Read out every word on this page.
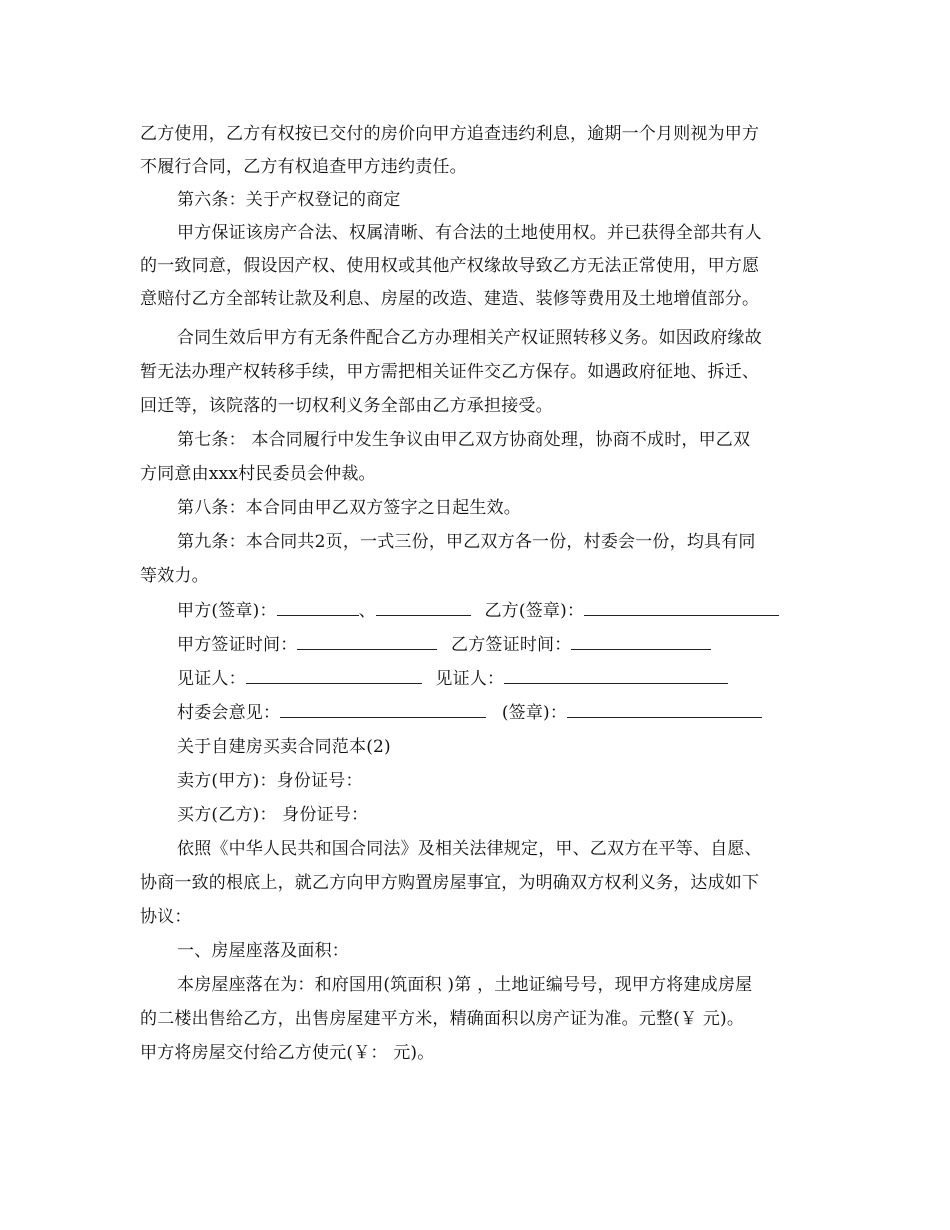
乙方使用，乙方有权按已交付的房价向甲方追查违约利息，逾期一个月则视为甲方
不履行合同，乙方有权追查甲方违约责任。
第六条：关于产权登记的商定
甲方保证该房产合法、权属清晰、有合法的土地使用权。并已获得全部共有人
的一致同意，假设因产权、使用权或其他产权缘故导致乙方无法正常使用，甲方愿
意赔付乙方全部转让款及利息、房屋的改造、建造、装修等费用及土地增值部分。
合同生效后甲方有无条件配合乙方办理相关产权证照转移义务。如因政府缘故
暂无法办理产权转移手续，甲方需把相关证件交乙方保存。如遇政府征地、拆迁、
回迁等，该院落的一切权利义务全部由乙方承担接受。
第七条： 本合同履行中发生争议由甲乙双方协商处理，协商不成时，甲乙双
方同意由xxx村民委员会仲裁。
第八条：本合同由甲乙双方签字之日起生效。
第九条：本合同共2页，一式三份，甲乙双方各一份，村委会一份，均具有同
等效力。
甲方(签章)：	、	乙方(签章)：
甲方签证时间：	乙方签证时间：
见证人：	见证人：
村委会意见：	(签章)：
关于自建房买卖合同范本(2)
卖方(甲方)：身份证号：
买方(乙方)： 身份证号：
依照《中华人民共和国合同法》及相关法律规定，甲、乙双方在平等、自愿、
协商一致的根底上，就乙方向甲方购置房屋事宜，为明确双方权利义务，达成如下
协议：
一、房屋座落及面积：
本房屋座落在为：和府国用(筑面积 )第 ，土地证编号号，现甲方将建成房屋
的二楼出售给乙方，出售房屋建平方米，精确面积以房产证为准。元整(￥ 元)。
甲方将房屋交付给乙方使元(￥： 元)。
